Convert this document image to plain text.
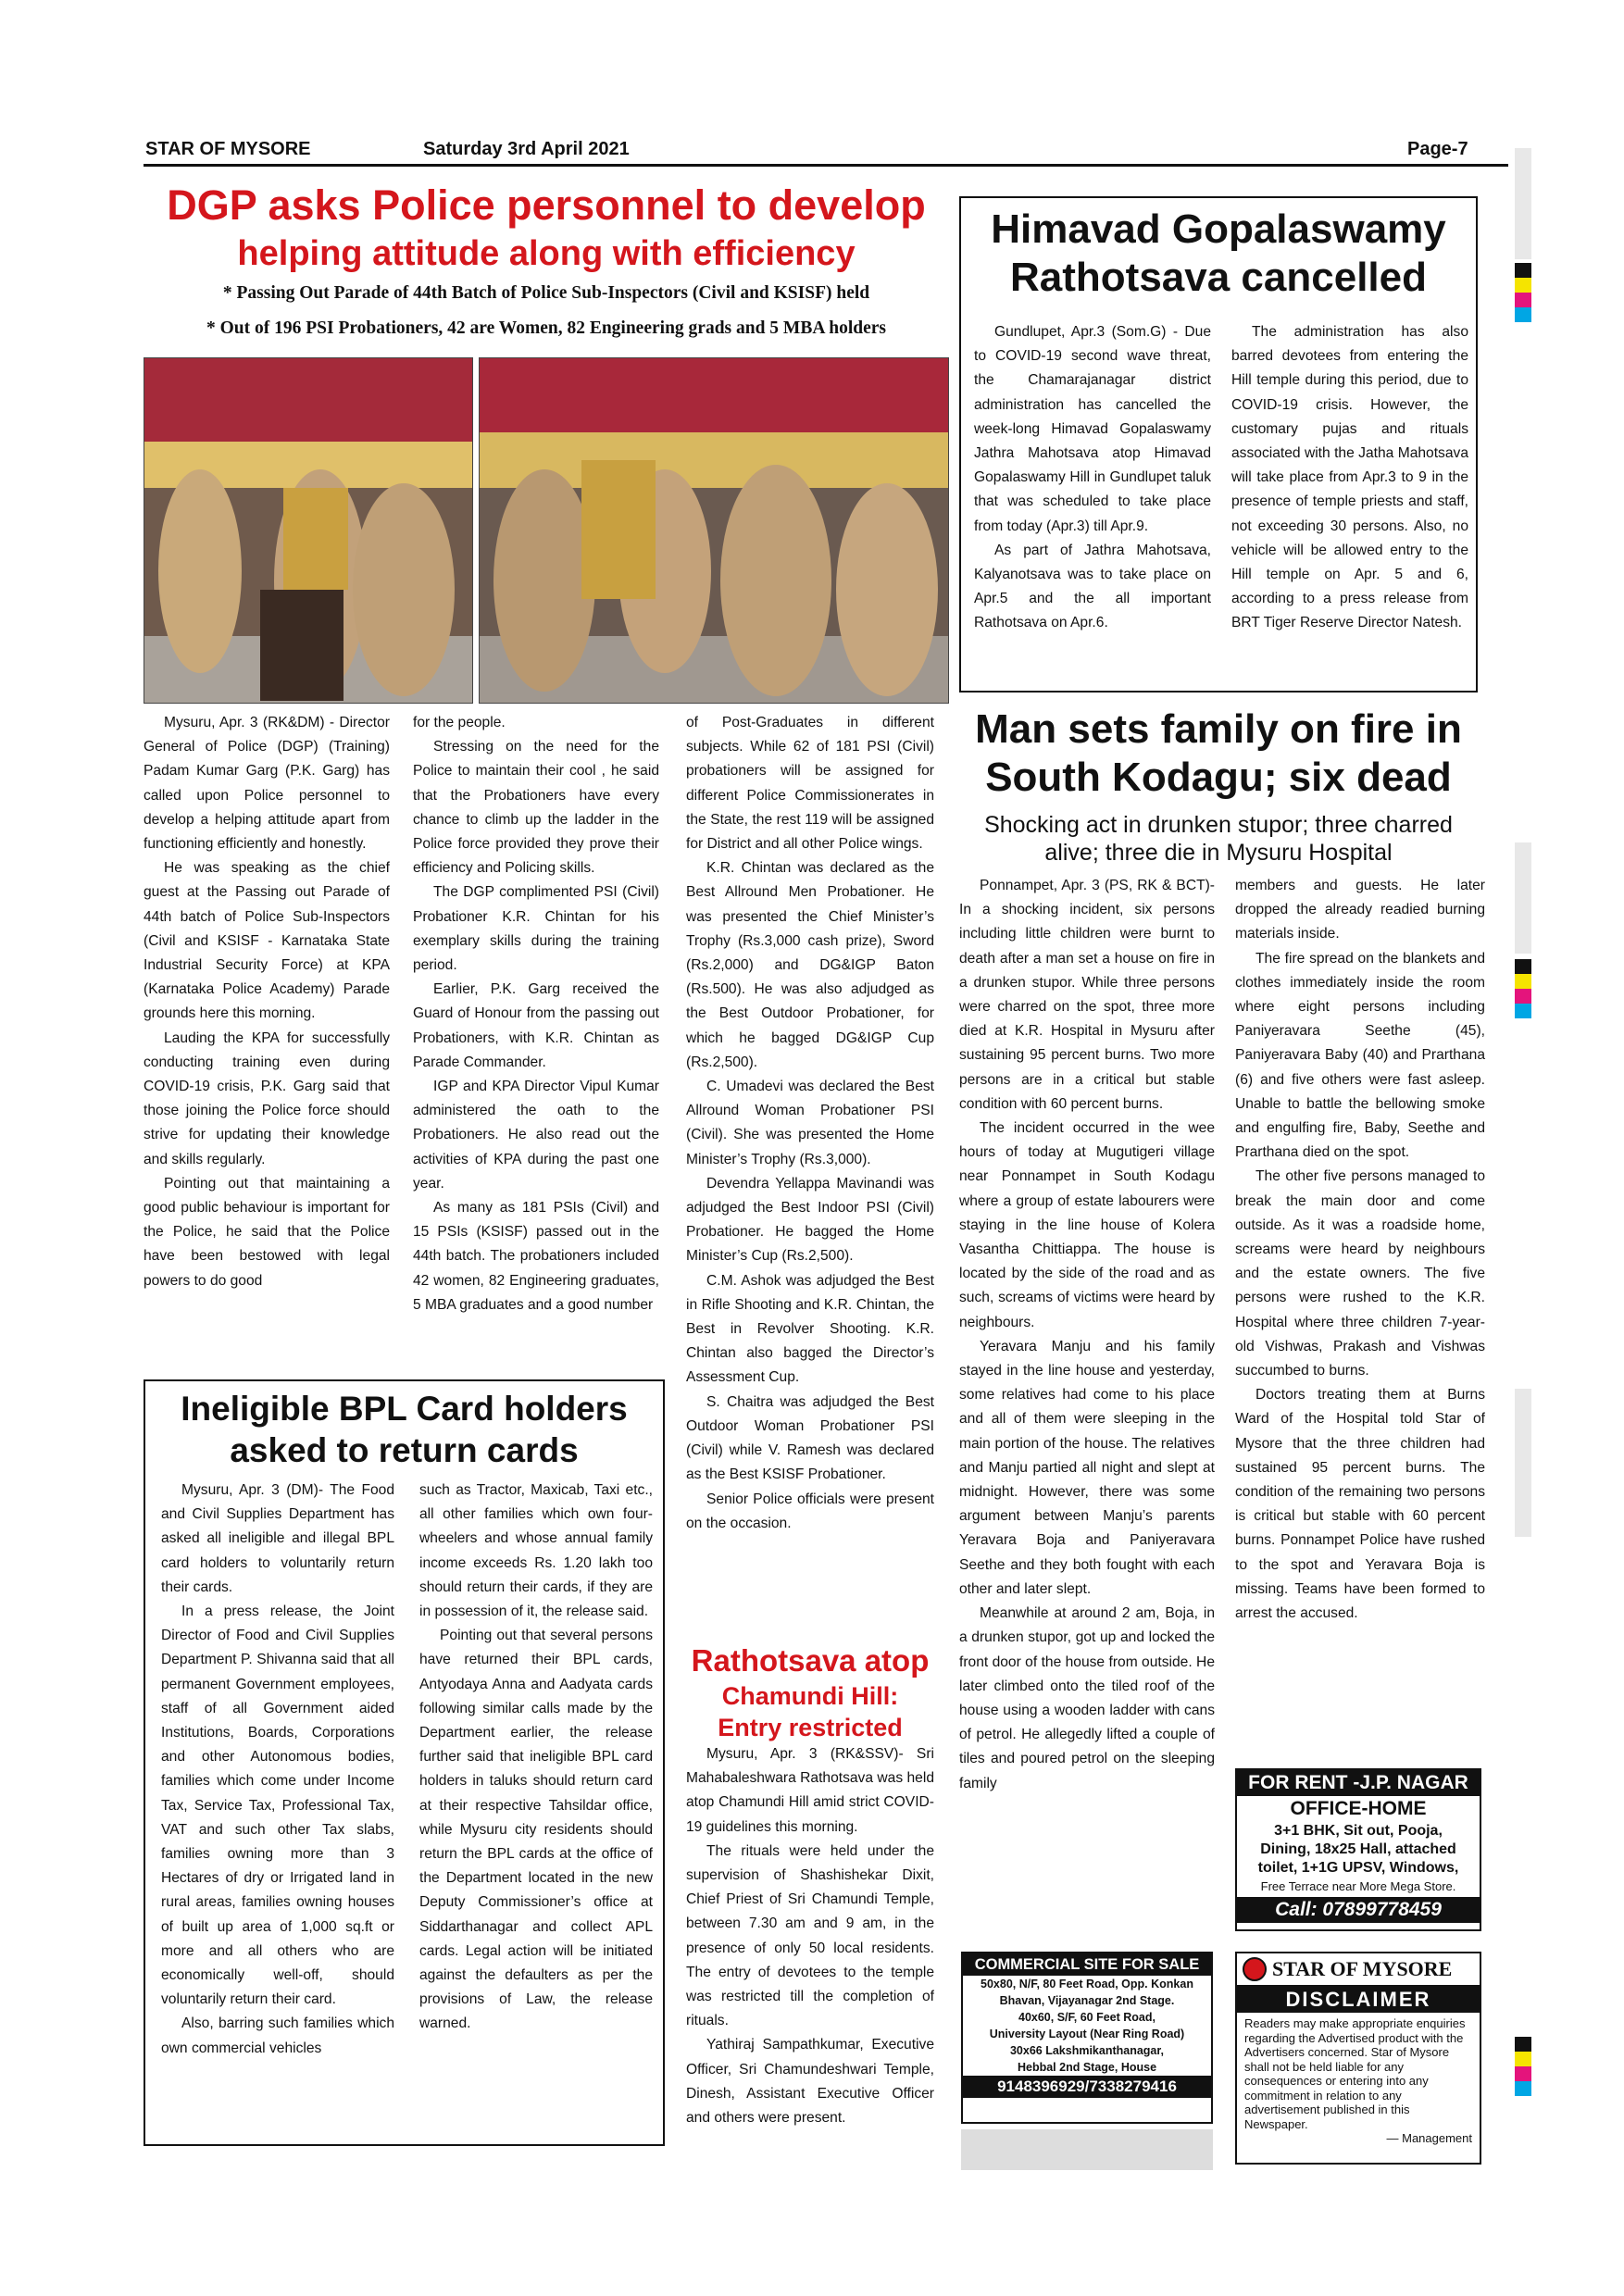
STAR OF MYSORE	Saturday 3rd April 2021	Page-7
DGP asks Police personnel to develop
helping attitude along with efficiency
* Passing Out Parade of 44th Batch of Police Sub-Inspectors (Civil and KSISF) held
* Out of 196 PSI Probationers, 42 are Women, 82 Engineering grads and 5 MBA holders

Mysuru, Apr. 3 (RK&DM) - Director General of Police (DGP) (Training) Padam Kumar Garg (P.K. Garg) has called upon Police personnel to develop a helping attitude apart from functioning efficiently and honestly.

He was speaking as the chief guest at the Passing out Parade of 44th batch of Police Sub-Inspectors (Civil and KSISF - Karnataka State Industrial Security Force) at KPA (Karnataka Police Academy) Parade grounds here this morning.

Lauding the KPA for successfully conducting training even during COVID-19 crisis, P.K. Garg said that those joining the Police force should strive for updating their knowledge and skills regularly.

Pointing out that maintaining a good public behaviour is important for the Police, he said that the Police have been bestowed with legal powers to do good

for the people.

Stressing on the need for the Police to maintain their cool , he said that the Probationers have every chance to climb up the ladder in the Police force provided they prove their efficiency and Policing skills.

The DGP complimented PSI (Civil) Probationer K.R. Chintan for his exemplary skills during the training period.

Earlier, P.K. Garg received the Guard of Honour from the passing out Probationers, with K.R. Chintan as Parade Commander.

IGP and KPA Director Vipul Kumar administered the oath to the Probationers. He also read out the activities of KPA during the past one year.

As many as 181 PSIs (Civil) and 15 PSIs (KSISF) passed out in the 44th batch. The probationers included 42 women, 82 Engineering graduates, 5 MBA graduates and a good number

of Post-Graduates in different subjects. While 62 of 181 PSI (Civil) probationers will be assigned for different Police Commissionerates in the State, the rest 119 will be assigned for District and all other Police wings.

K.R. Chintan was declared as the Best Allround Men Probationer. He was presented the Chief Minister’s Trophy (Rs.3,000 cash prize), Sword (Rs.2,000) and DG&IGP Baton (Rs.500). He was also adjudged as the Best Outdoor Probationer, for which he bagged DG&IGP Cup (Rs.2,500).

C. Umadevi was declared the Best Allround Woman Probationer PSI (Civil). She was presented the Home Minister’s Trophy (Rs.3,000).

Devendra Yellappa Mavinandi was adjudged the Best Indoor PSI (Civil) Probationer. He bagged the Home Minister’s Cup (Rs.2,500).

C.M. Ashok was adjudged the Best in Rifle Shooting and K.R. Chintan, the Best in Revolver Shooting. K.R. Chintan also bagged the Director’s Assessment Cup.

S. Chaitra was adjudged the Best Outdoor Woman Probationer PSI (Civil) while V. Ramesh was declared as the Best KSISF Probationer.

Senior Police officials were present on the occasion.

Rathotsava atop
Chamundi Hill:
Entry restricted

Mysuru, Apr. 3 (RK&SSV)- Sri Mahabaleshwara Rathotsava was held atop Chamundi Hill amid strict COVID-19 guidelines this morning.

The rituals were held under the supervision of Shashishekar Dixit, Chief Priest of Sri Chamundi Temple, between 7.30 am and 9 am, in the presence of only 50 local residents. The entry of devotees to the temple was restricted till the completion of rituals.

Yathiraj Sampathkumar, Executive Officer, Sri Chamundeshwari Temple, Dinesh, Assistant Executive Officer and others were present.

Ineligible BPL Card holders
asked to return cards

Mysuru, Apr. 3 (DM)- The Food and Civil Supplies Department has asked all ineligible and illegal BPL card holders to voluntarily return their cards.

In a press release, the Joint Director of Food and Civil Supplies Department P. Shivanna said that all permanent Government employees, staff of all Government aided Institutions, Boards, Corporations and other Autonomous bodies, families which come under Income Tax, Service Tax, Professional Tax, VAT and such other Tax slabs, families owning more than 3 Hectares of dry or Irrigated land in rural areas, families owning houses of built up area of 1,000 sq.ft or more and all others who are economically well-off, should voluntarily return their card.

Also, barring such families which own commercial vehicles

such as Tractor, Maxicab, Taxi etc., all other families which own four-wheelers and whose annual family income exceeds Rs. 1.20 lakh too should return their cards, if they are in possession of it, the release said.

Pointing out that several persons have returned their BPL cards, Antyodaya Anna and Aadyata cards following similar calls made by the Department earlier, the release further said that ineligible BPL card holders in taluks should return card at their respective Tahsildar office, while Mysuru city residents should return the BPL cards at the office of the Department located in the new Deputy Commissioner’s office at Siddarthanagar and collect APL cards. Legal action will be initiated against the defaulters as per the provisions of Law, the release warned.

Himavad Gopalaswamy Rathotsava cancelled

Gundlupet, Apr.3 (Som.G) - Due to COVID-19 second wave threat, the Chamarajanagar district administration has cancelled the week-long Himavad Gopalaswamy Jathra Mahotsava atop Himavad Gopalaswamy Hill in Gundlupet taluk that was scheduled to take place from today (Apr.3) till Apr.9.

As part of Jathra Mahotsava, Kalyanotsava was to take place on Apr.5 and the all important Rathotsava on Apr.6.

The administration has also barred devotees from entering the Hill temple during this period, due to COVID-19 crisis. However, the customary pujas and rituals associated with the Jatha Mahotsava will take place from Apr.3 to 9 in the presence of temple priests and staff, not exceeding 30 persons. Also, no vehicle will be allowed entry to the Hill temple on Apr. 5 and 6, according to a press release from BRT Tiger Reserve Director Natesh.

Man sets family on fire in South Kodagu; six dead
Shocking act in drunken stupor; three charred alive; three die in Mysuru Hospital

Ponnampet, Apr. 3 (PS, RK & BCT)- In a shocking incident, six persons including little children were burnt to death after a man set a house on fire in a drunken stupor. While three persons were charred on the spot, three more died at K.R. Hospital in Mysuru after sustaining 95 percent burns. Two more persons are in a critical but stable condition with 60 percent burns.

The incident occurred in the wee hours of today at Mugutigeri village near Ponnampet in South Kodagu where a group of estate labourers were staying in the line house of Kolera Vasantha Chittiappa. The house is located by the side of the road and as such, screams of victims were heard by neighbours.

Yeravara Manju and his family stayed in the line house and yesterday, some relatives had come to his place and all of them were sleeping in the main portion of the house. The relatives and Manju partied all night and slept at midnight. However, there was some argument between Manju’s parents Yeravara Boja and Paniyeravara Seethe and they both fought with each other and later slept.

Meanwhile at around 2 am, Boja, in a drunken stupor, got up and locked the front door of the house from outside. He later climbed onto the tiled roof of the house using a wooden ladder with cans of petrol. He allegedly lifted a couple of tiles and poured petrol on the sleeping family

members and guests. He later dropped the already readied burning materials inside.

The fire spread on the blankets and clothes immediately inside the room where eight persons including Paniyeravara Seethe (45), Paniyeravara Baby (40) and Prarthana (6) and five others were fast asleep. Unable to battle the bellowing smoke and engulfing fire, Baby, Seethe and Prarthana died on the spot.

The other five persons managed to break the main door and come outside. As it was a roadside home, screams were heard by neighbours and the estate owners. The five persons were rushed to the K.R. Hospital where three children 7-year-old Vishwas, Prakash and Vishwas succumbed to burns.

Doctors treating them at Burns Ward of the Hospital told Star of Mysore that the three children had sustained 95 percent burns. The condition of the remaining two persons is critical but stable with 60 percent burns. Ponnampet Police have rushed to the spot and Yeravara Boja is missing. Teams have been formed to arrest the accused.

FOR RENT -J.P. NAGAR
OFFICE-HOME
3+1 BHK, Sit out, Pooja,
Dining, 18x25 Hall, attached
toilet, 1+1G UPSV, Windows,
Free Terrace near More Mega Store.
Call: 07899778459
COMMERCIAL SITE FOR SALE
50x80, N/F, 80 Feet Road, Opp. Konkan
Bhavan, Vijayanagar 2nd Stage.
40x60, S/F, 60 Feet Road,
University Layout (Near Ring Road)
30x66 Lakshmikanthanagar,
Hebbal 2nd Stage, House
9148396929/7338279416
STAR OF MYSORE
DISCLAIMER
Readers may make appropriate enquiries regarding the Advertised product with the Advertisers concerned. Star of Mysore shall not be held liable for any consequences or entering into any commitment in relation to any advertisement published in this Newspaper.
— Management
